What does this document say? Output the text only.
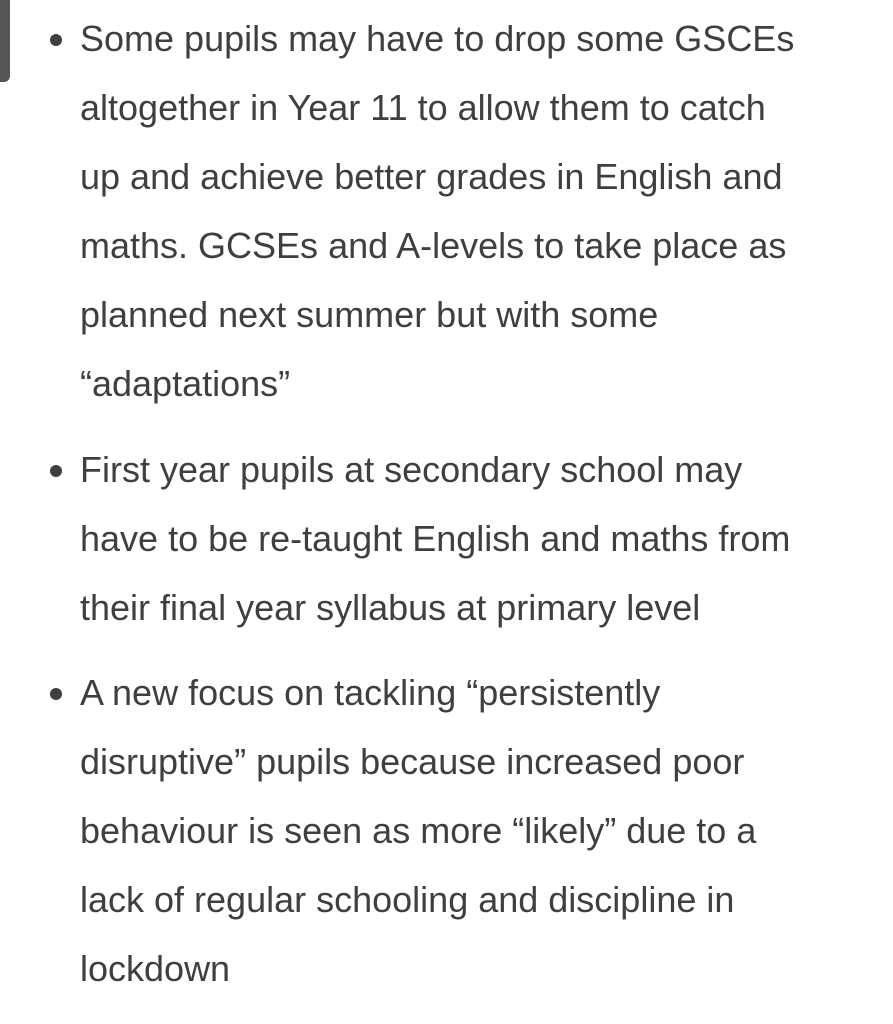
Some pupils may have to drop some GSCEs
altogether in Year 11 to allow them to catch
up and achieve better grades in English and
maths. GCSEs and A-levels to take place as
planned next summer but with some
“adaptations”
First year pupils at secondary school may
have to be re-taught English and maths from
their final year syllabus at primary level
A new focus on tackling “persistently
disruptive” pupils because increased poor
behaviour is seen as more “likely” due to a
lack of regular schooling and discipline in
lockdown
